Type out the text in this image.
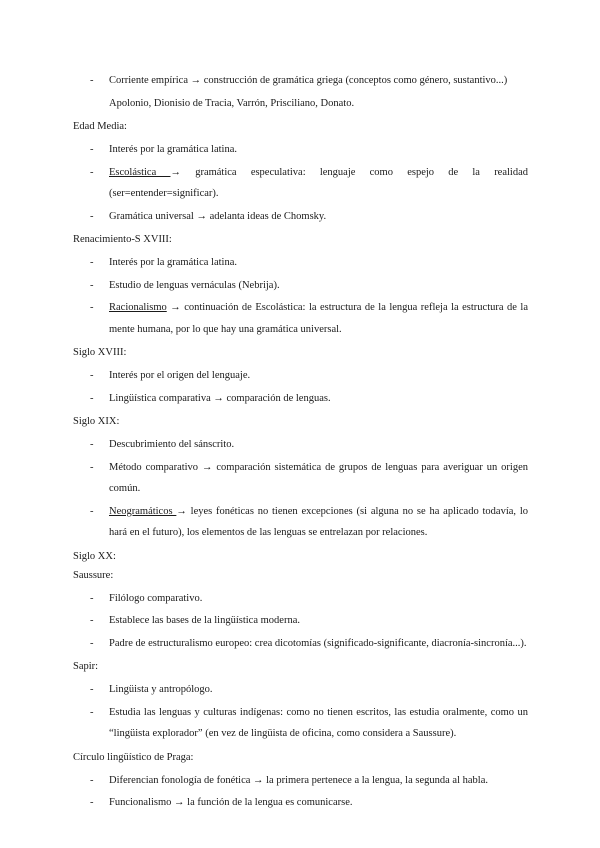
- Corriente empírica → construcción de gramática griega (conceptos como género, sustantivo...)
Apolonio, Dionisio de Tracia, Varrón, Prisciliano, Donato.
Edad Media:
- Interés por la gramática latina.
- Escolástica → gramática especulativa: lenguaje como espejo de la realidad (ser=entender=significar).
- Gramática universal → adelanta ideas de Chomsky.
Renacimiento-S XVIII:
- Interés por la gramática latina.
- Estudio de lenguas vernáculas (Nebrija).
- Racionalismo → continuación de Escolástica: la estructura de la lengua refleja la estructura de la mente humana, por lo que hay una gramática universal.
Siglo XVIII:
- Interés por el origen del lenguaje.
- Lingüística comparativa → comparación de lenguas.
Siglo XIX:
- Descubrimiento del sánscrito.
- Método comparativo → comparación sistemática de grupos de lenguas para averiguar un origen común.
- Neogramáticos → leyes fonéticas no tienen excepciones (si alguna no se ha aplicado todavía, lo hará en el futuro), los elementos de las lenguas se entrelazan por relaciones.
Siglo XX:
Saussure:
- Filólogo comparativo.
- Establece las bases de la lingüística moderna.
- Padre de estructuralismo europeo: crea dicotomías (significado-significante, diacronía-sincronía...).
Sapir:
- Lingüista y antropólogo.
- Estudia las lenguas y culturas indígenas: como no tienen escritos, las estudia oralmente, como un “lingüista explorador” (en vez de lingüista de oficina, como considera a Saussure).
Círculo lingüístico de Praga:
- Diferencian fonología de fonética → la primera pertenece a la lengua, la segunda al habla.
- Funcionalismo → la función de la lengua es comunicarse.
